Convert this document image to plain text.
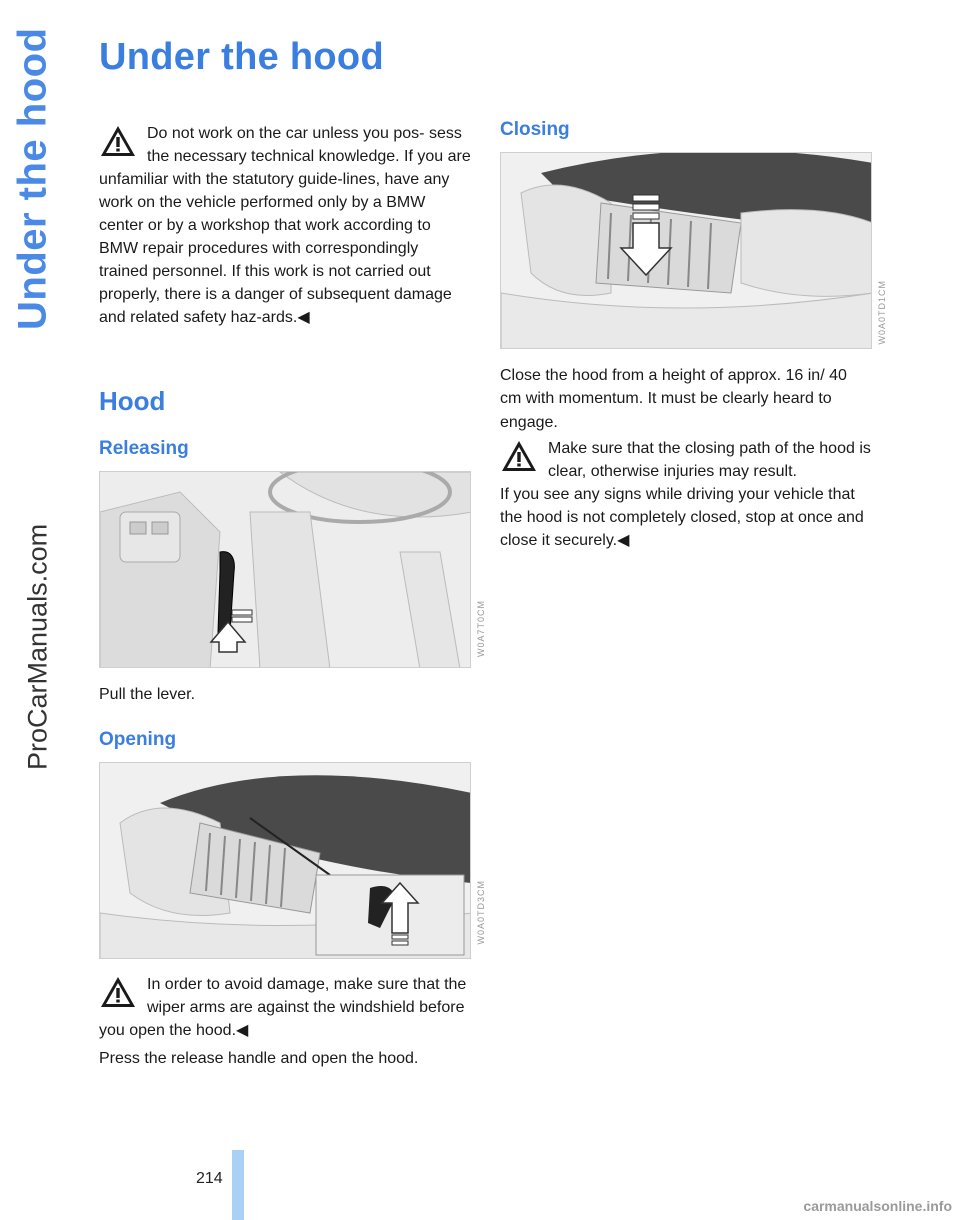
Under the hood
ProCarManuals.com
Under the hood
Do not work on the car unless you pos- sess the necessary technical knowledge. If you are unfamiliar with the statutory guide-lines, have any work on the vehicle performed only by a BMW center or by a workshop that work according to BMW repair procedures with correspondingly trained personnel. If this work is not carried out properly, there is a danger of subsequent damage and related safety haz-ards.◀
Hood
Releasing
W0A7T0CM
Pull the lever.
Opening
W0A0TD3CM
In order to avoid damage, make sure that the wiper arms are against the windshield before you open the hood.◀
Press the release handle and open the hood.
Closing
W0A0TD1CM
Close the hood from a height of approx. 16 in/ 40 cm with momentum. It must be clearly heard to engage.
Make sure that the closing path of the hood is clear, otherwise injuries may result.
If you see any signs while driving your vehicle that the hood is not completely closed, stop at once and close it securely.◀
214
carmanualsonline.info
